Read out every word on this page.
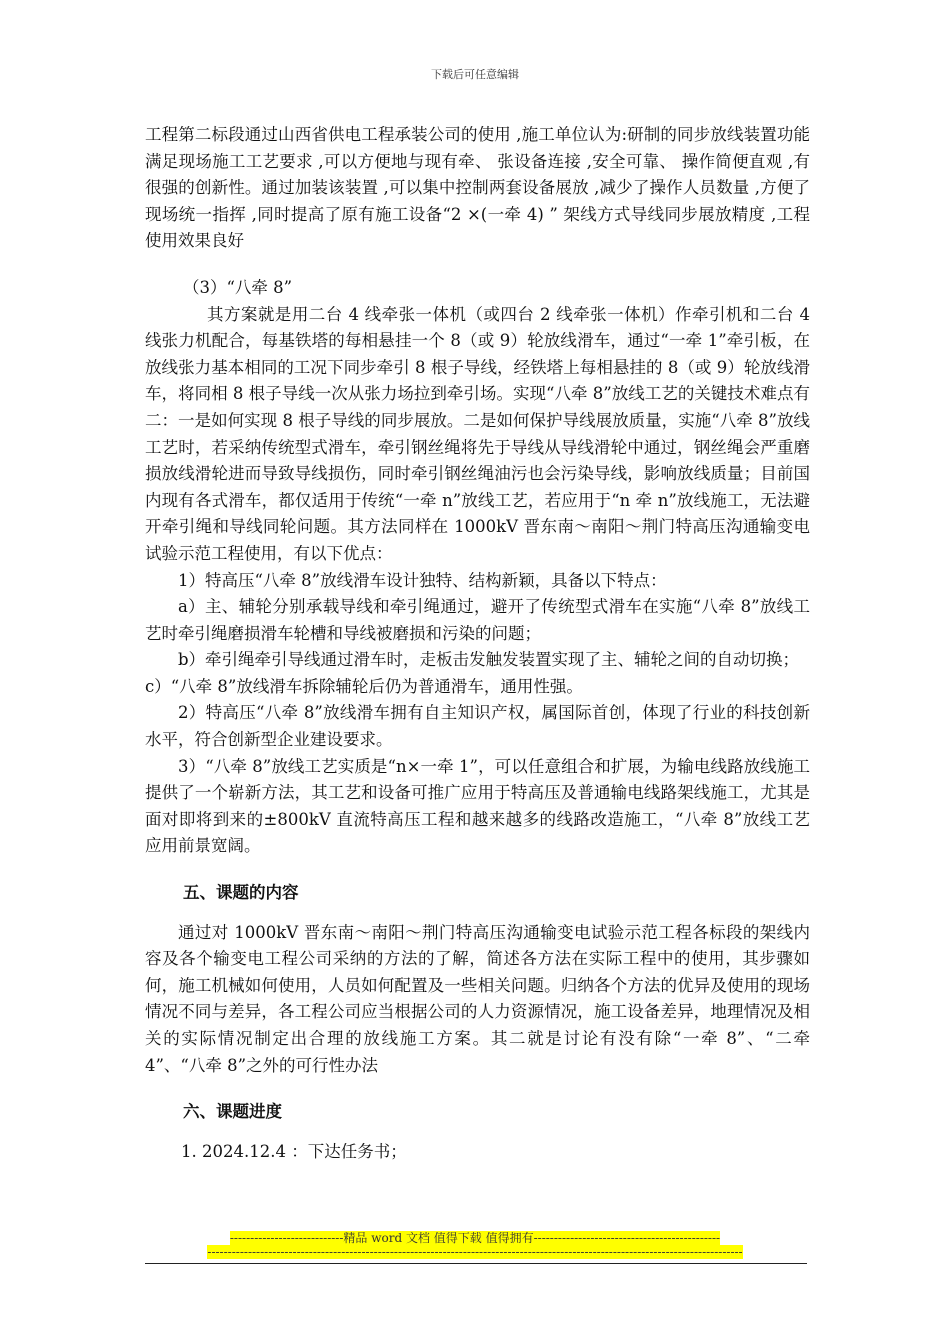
下载后可任意编辑

工程第二标段通过山西省供电工程承装公司的使用 ,施工单位认为:研制的同步放线装置功能满足现场施工工艺要求 ,可以方便地与现有牵、 张设备连接 ,安全可靠、 操作简便直观 ,有很强的创新性。通过加装该装置 ,可以集中控制两套设备展放 ,减少了操作人员数量 ,方便了现场统一指挥 ,同时提高了原有施工设备“2 ×(一牵 4) ” 架线方式导线同步展放精度 ,工程使用效果良好

（3）“八牵 8”

其方案就是用二台 4 线牵张一体机（或四台 2 线牵张一体机）作牵引机和二台 4 线张力机配合，每基铁塔的每相悬挂一个 8（或 9）轮放线滑车，通过“一牵 1”牵引板，在放线张力基本相同的工况下同步牵引 8 根子导线，经铁塔上每相悬挂的 8（或 9）轮放线滑车，将同相 8 根子导线一次从张力场拉到牵引场。实现“八牵 8”放线工艺的关键技术难点有二：一是如何实现 8 根子导线的同步展放。二是如何保护导线展放质量，实施“八牵 8”放线工艺时，若采纳传统型式滑车，牵引钢丝绳将先于导线从导线滑轮中通过，钢丝绳会严重磨损放线滑轮进而导致导线损伤，同时牵引钢丝绳油污也会污染导线，影响放线质量；目前国内现有各式滑车，都仅适用于传统“一牵 n”放线工艺，若应用于“n 牵 n”放线施工，无法避开牵引绳和导线同轮问题。其方法同样在 1000kV 晋东南～南阳～荆门特高压沟通输变电试验示范工程使用，有以下优点：

1）特高压“八牵 8”放线滑车设计独特、结构新颖，具备以下特点：

a）主、辅轮分别承载导线和牵引绳通过，避开了传统型式滑车在实施“八牵 8”放线工艺时牵引绳磨损滑车轮槽和导线被磨损和污染的问题；

b）牵引绳牵引导线通过滑车时，走板击发触发装置实现了主、辅轮之间的自动切换；

c）“八牵 8”放线滑车拆除辅轮后仍为普通滑车，通用性强。

2）特高压“八牵 8”放线滑车拥有自主知识产权，属国际首创，体现了行业的科技创新水平，符合创新型企业建设要求。

3）“八牵 8”放线工艺实质是“n×一牵 1”，可以任意组合和扩展，为输电线路放线施工提供了一个崭新方法，其工艺和设备可推广应用于特高压及普通输电线路架线施工，尤其是面对即将到来的±800kV 直流特高压工程和越来越多的线路改造施工，“八牵 8”放线工艺应用前景宽阔。

五、课题的内容

通过对 1000kV 晋东南～南阳～荆门特高压沟通输变电试验示范工程各标段的架线内容及各个输变电工程公司采纳的方法的了解，简述各方法在实际工程中的使用，其步骤如何，施工机械如何使用，人员如何配置及一些相关问题。归纳各个方法的优异及使用的现场情况不同与差异，各工程公司应当根据公司的人力资源情况，施工设备差异，地理情况及相关的实际情况制定出合理的放线施工方案。其二就是讨论有没有除“一牵 8”、“二牵 4”、“八牵 8”之外的可行性办法

六、课题进度

1. 2024.12.4 ：下达任务书；

----------------------------精品 word 文档 值得下载 值得拥有----------------------------------------------
------------------------------------------------------------------------------------------------------------------------------------
